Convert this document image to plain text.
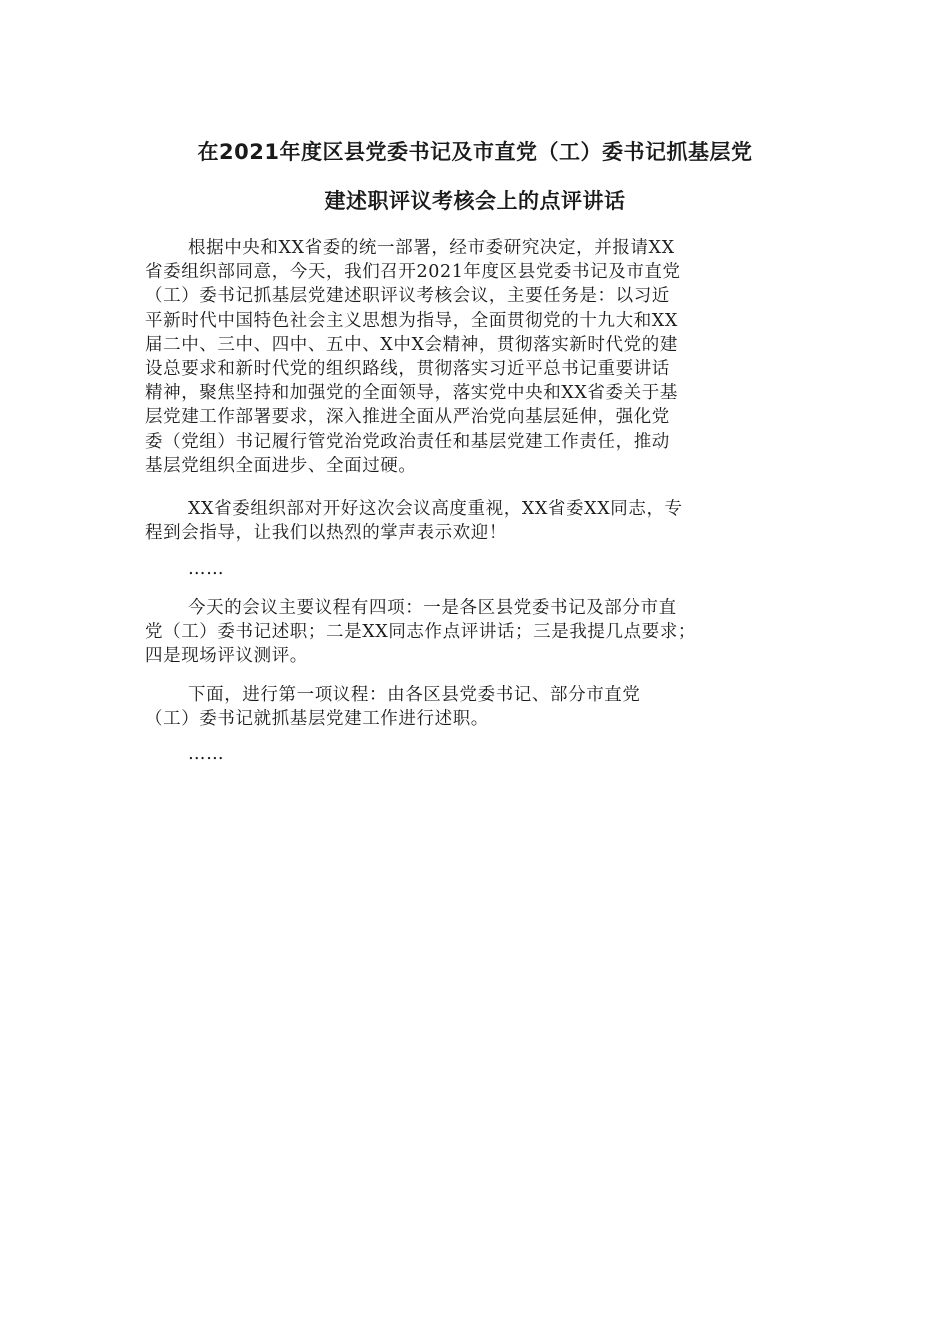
在2021年度区县党委书记及市直党（工）委书记抓基层党
建述职评议考核会上的点评讲话

根据中央和XX省委的统一部署，经市委研究决定，并报请XX
省委组织部同意，今天，我们召开2021年度区县党委书记及市直党
（工）委书记抓基层党建述职评议考核会议，主要任务是：以习近
平新时代中国特色社会主义思想为指导，全面贯彻党的十九大和XX
届二中、三中、四中、五中、X中X会精神，贯彻落实新时代党的建
设总要求和新时代党的组织路线，贯彻落实习近平总书记重要讲话
精神，聚焦坚持和加强党的全面领导，落实党中央和XX省委关于基
层党建工作部署要求，深入推进全面从严治党向基层延伸，强化党
委（党组）书记履行管党治党政治责任和基层党建工作责任，推动
基层党组织全面进步、全面过硬。

XX省委组织部对开好这次会议高度重视，XX省委XX同志，专
程到会指导，让我们以热烈的掌声表示欢迎！

……

今天的会议主要议程有四项：一是各区县党委书记及部分市直
党（工）委书记述职；二是XX同志作点评讲话；三是我提几点要求；
四是现场评议测评。

下面，进行第一项议程：由各区县党委书记、部分市直党
（工）委书记就抓基层党建工作进行述职。

……
